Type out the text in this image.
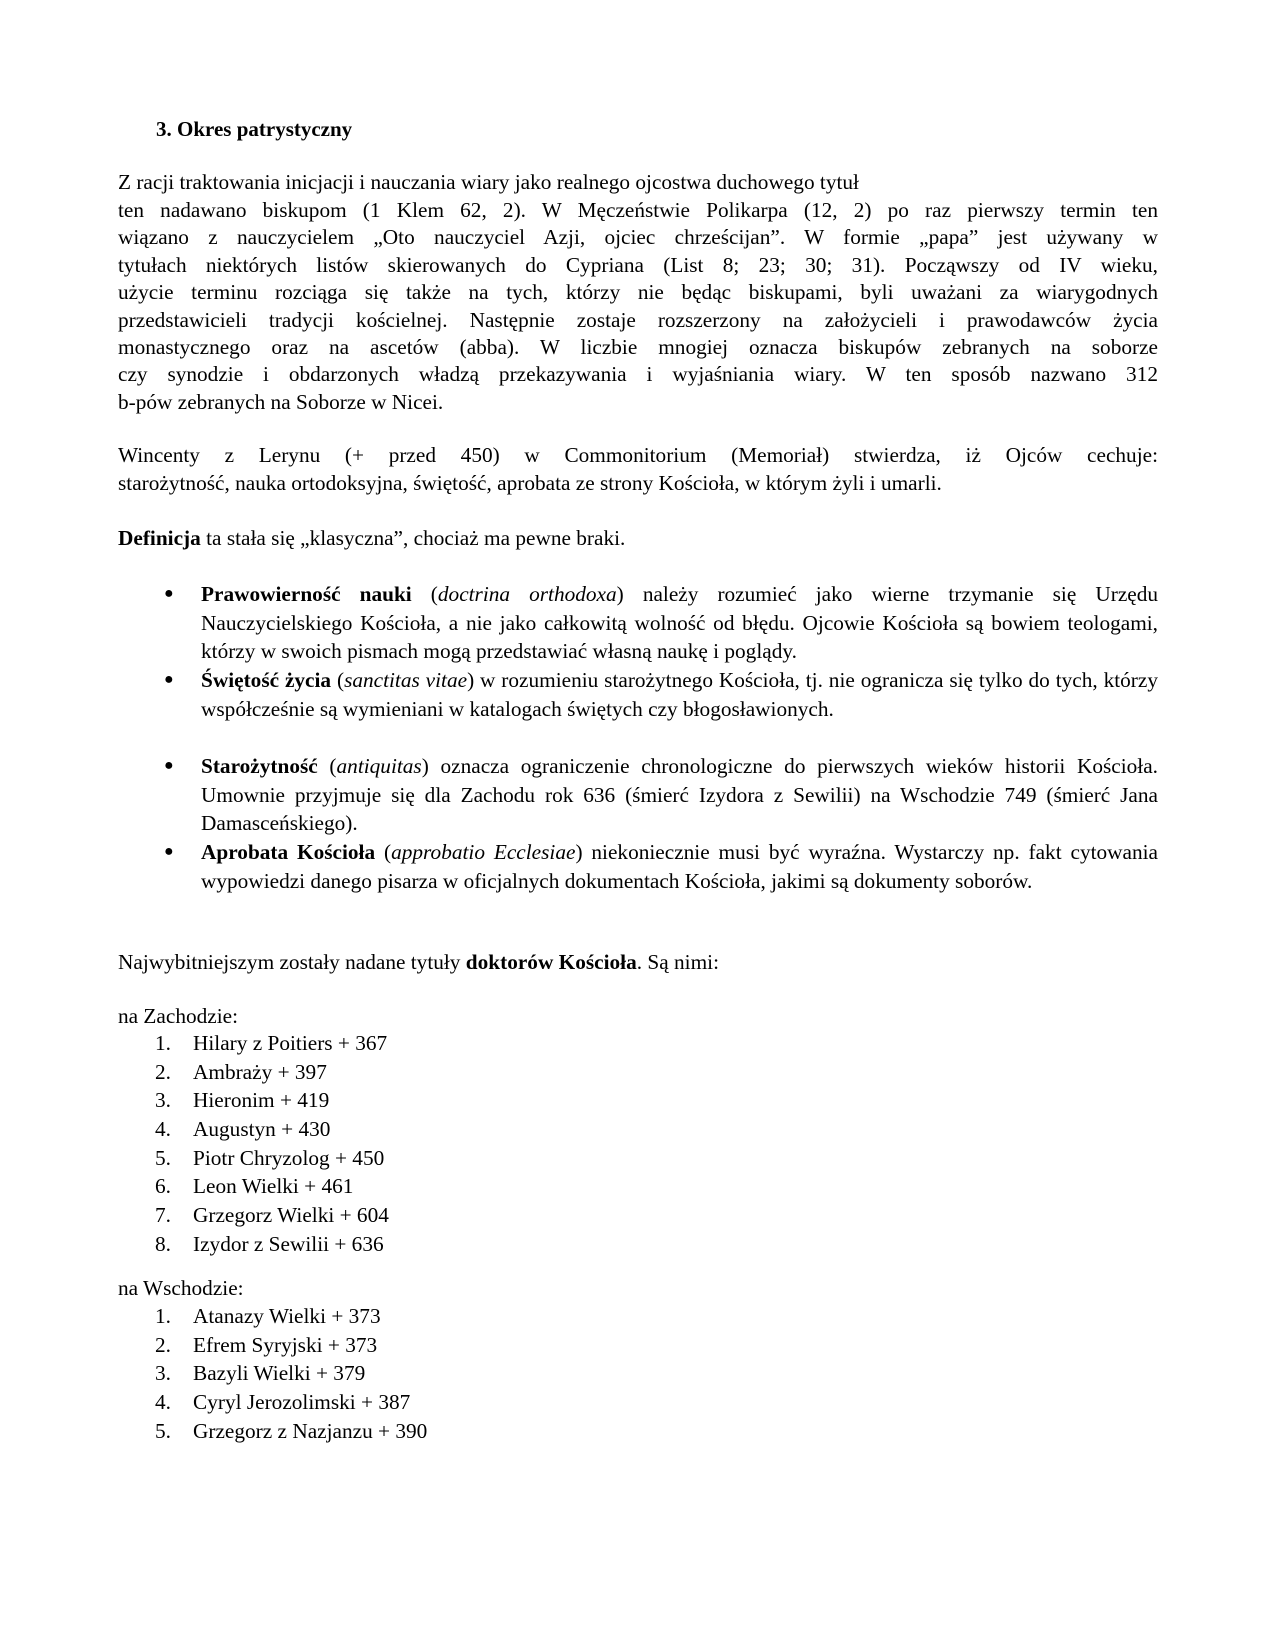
3. Okres patrystyczny

Z racji traktowania inicjacji i nauczania wiary jako realnego ojcostwa duchowego tytuł

ten nadawano biskupom (1 Klem 62, 2). W Męczeństwie Polikarpa (12, 2) po raz pierwszy termin ten

wiązano z nauczycielem „Oto nauczyciel Azji, ojciec chrześcijan”. W formie „papa” jest używany w

tytułach niektórych listów skierowanych do Cypriana (List 8; 23; 30; 31). Począwszy od IV wieku,

użycie terminu rozciąga się także na tych, którzy nie będąc biskupami, byli uważani za wiarygodnych

przedstawicieli tradycji kościelnej. Następnie zostaje rozszerzony na założycieli i prawodawców życia

monastycznego oraz na ascetów (abba). W liczbie mnogiej oznacza biskupów zebranych na soborze

czy synodzie i obdarzonych władzą przekazywania i wyjaśniania wiary. W ten sposób nazwano 312

b-pów zebranych na Soborze w Nicei.

Wincenty z Lerynu (+ przed 450) w Commonitorium (Memoriał) stwierdza, iż Ojców cechuje:

starożytność, nauka ortodoksyjna, świętość, aprobata ze strony Kościoła, w którym żyli i umarli.

Definicja ta stała się „klasyczna”, chociaż ma pewne braki.

● Prawowierność nauki (doctrina orthodoxa) należy rozumieć jako wierne trzymanie się Urzędu Nauczycielskiego Kościoła, a nie jako całkowitą wolność od błędu. Ojcowie Kościoła są bowiem teologami, którzy w swoich pismach mogą przedstawiać własną naukę i poglądy.

● Świętość życia (sanctitas vitae) w rozumieniu starożytnego Kościoła, tj. nie ogranicza się tylko do tych, którzy współcześnie są wymieniani w katalogach świętych czy błogosławionych.

● Starożytność (antiquitas) oznacza ograniczenie chronologiczne do pierwszych wieków historii Kościoła. Umownie przyjmuje się dla Zachodu rok 636 (śmierć Izydora z Sewilii) na Wschodzie 749 (śmierć Jana Damasceńskiego).

● Aprobata Kościoła (approbatio Ecclesiae) niekoniecznie musi być wyraźna. Wystarczy np. fakt cytowania wypowiedzi danego pisarza w oficjalnych dokumentach Kościoła, jakimi są dokumenty soborów.

Najwybitniejszym zostały nadane tytuły doktorów Kościoła. Są nimi:

na Zachodzie:

1. Hilary z Poitiers + 367
2. Ambraży + 397
3. Hieronim + 419
4. Augustyn + 430
5. Piotr Chryzolog + 450
6. Leon Wielki + 461
7. Grzegorz Wielki + 604
8. Izydor z Sewilii + 636

na Wschodzie:

1. Atanazy Wielki + 373
2. Efrem Syryjski + 373
3. Bazyli Wielki + 379
4. Cyryl Jerozolimski + 387
5. Grzegorz z Nazjanzu + 390
